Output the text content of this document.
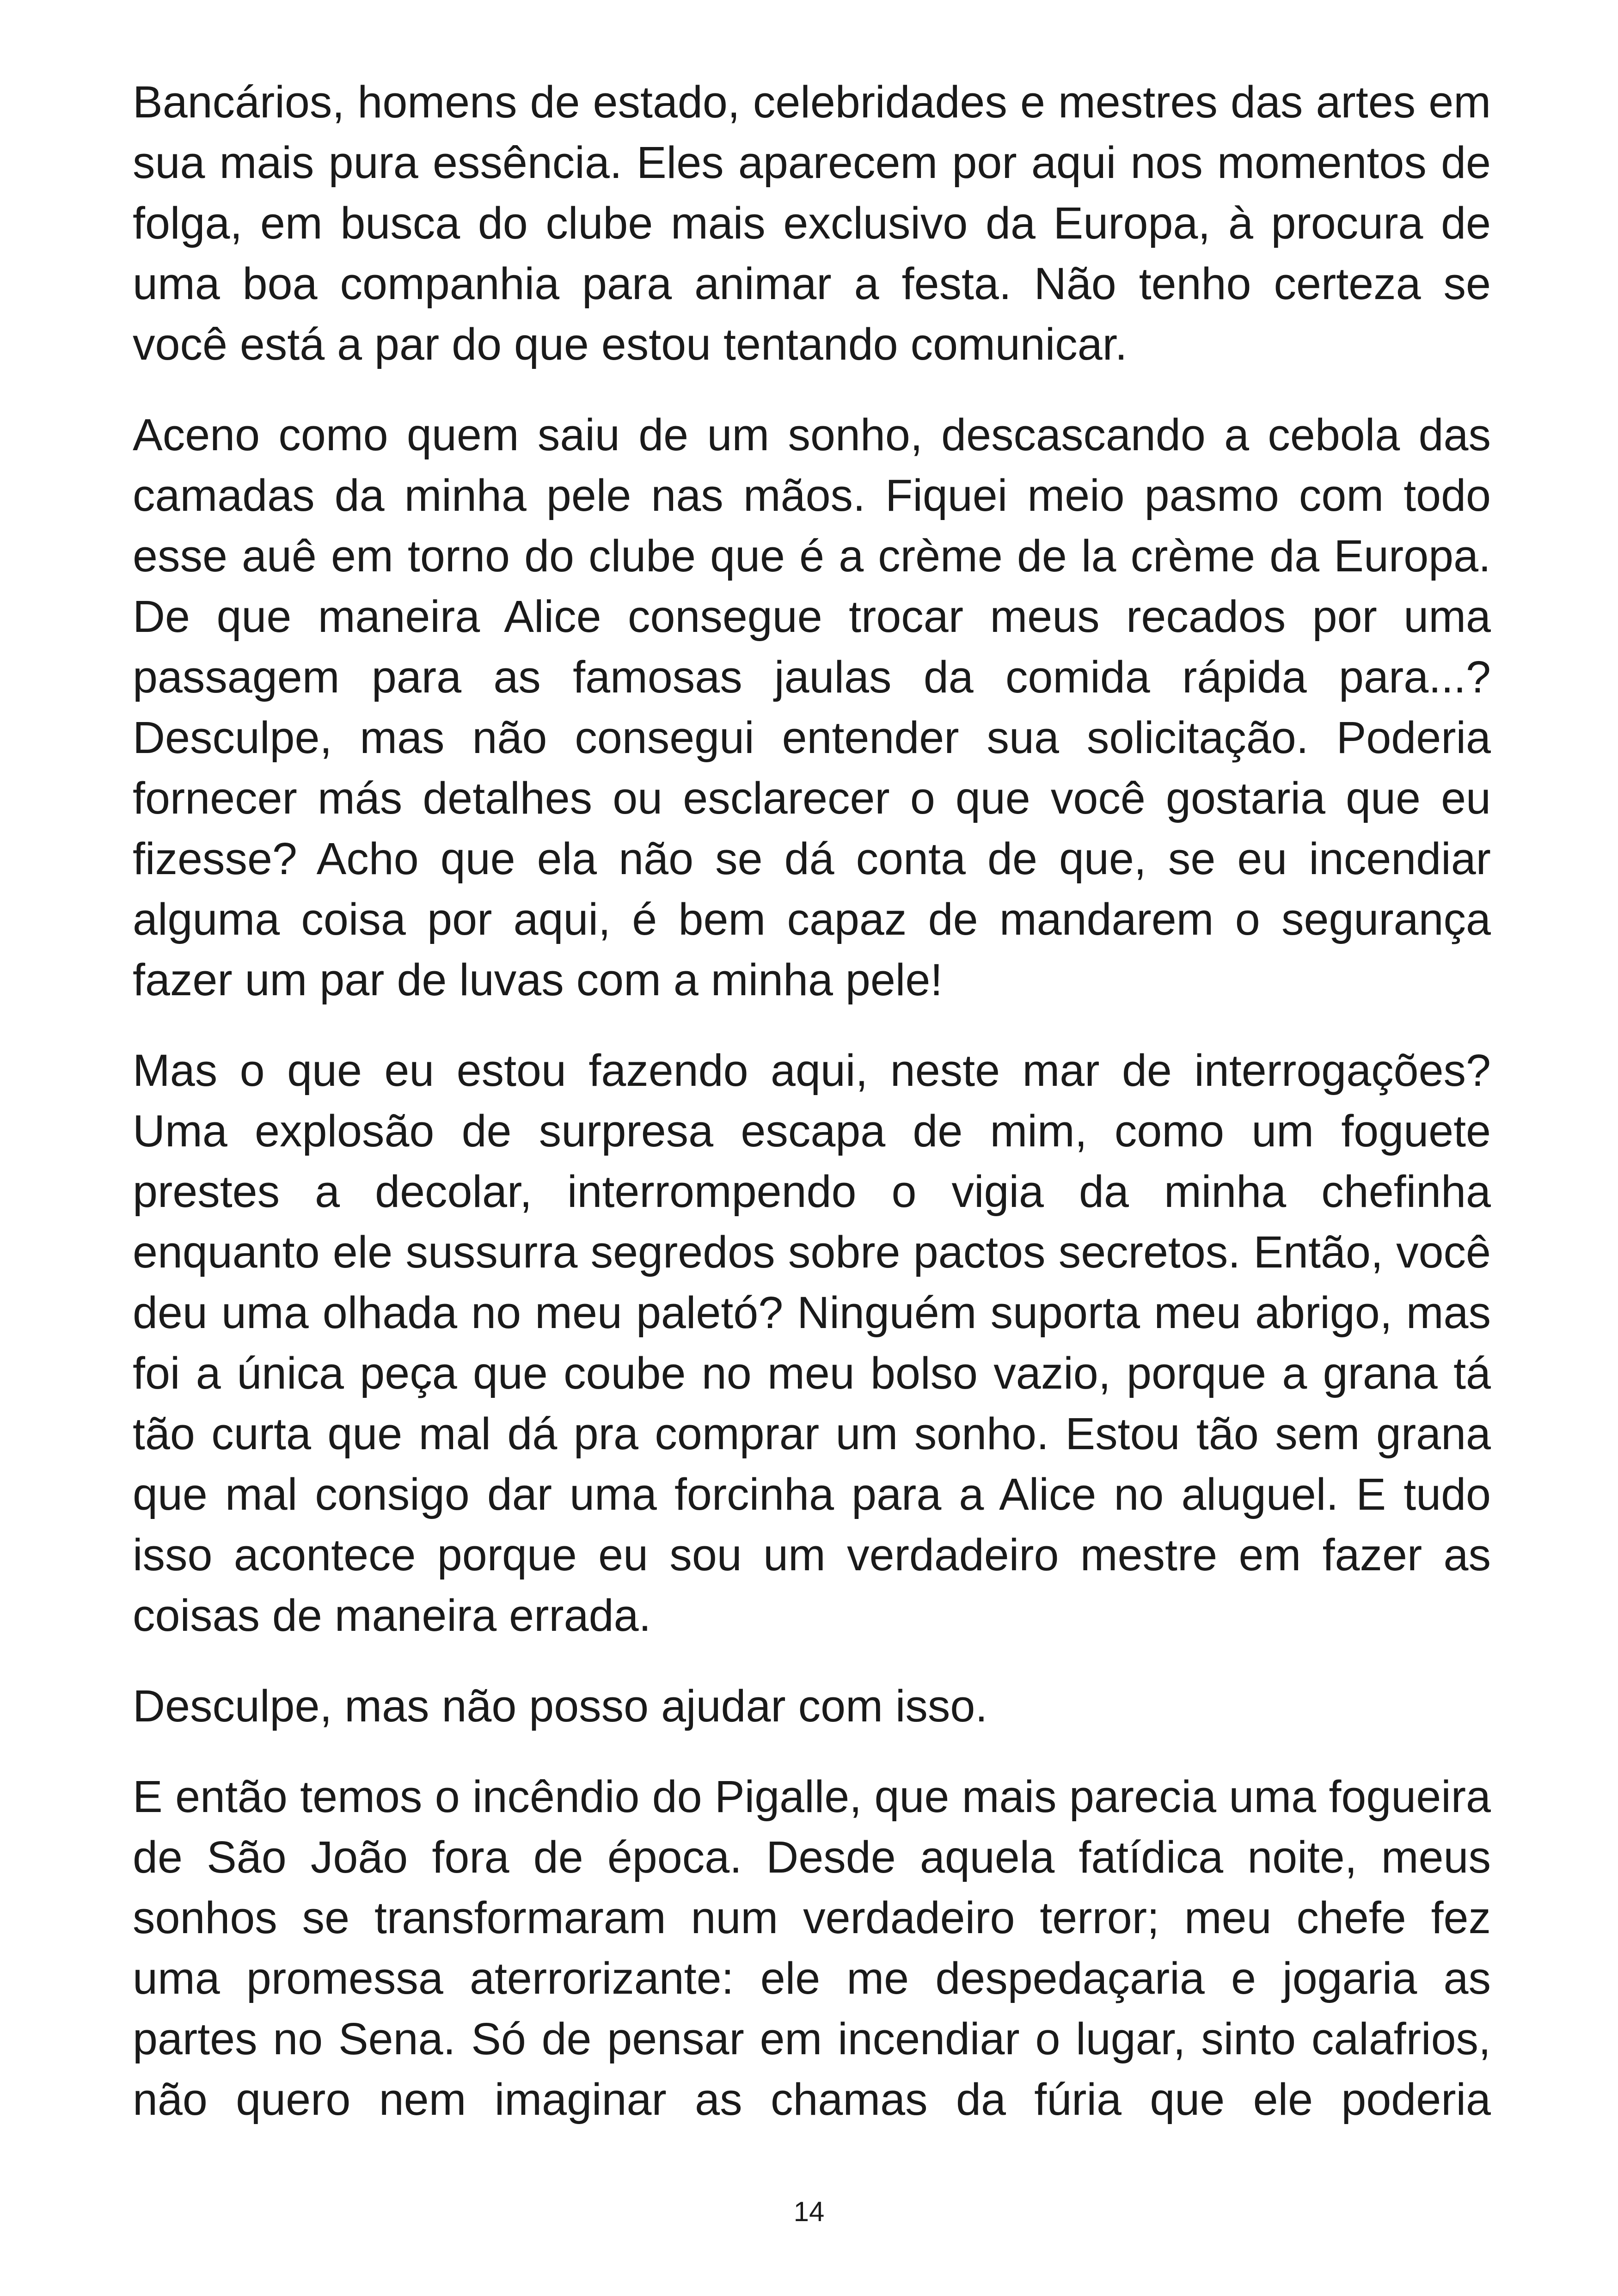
Bancários, homens de estado, celebridades e mestres das artes em sua mais pura essência. Eles aparecem por aqui nos momentos de folga, em busca do clube mais exclusivo da Europa, à procura de uma boa companhia para animar a festa. Não tenho certeza se você está a par do que estou tentando comunicar.

Aceno como quem saiu de um sonho, descascando a cebola das camadas da minha pele nas mãos. Fiquei meio pasmo com todo esse auê em torno do clube que é a crème de la crème da Europa. De que maneira Alice consegue trocar meus recados por uma passagem para as famosas jaulas da comida rápida para...? Desculpe, mas não consegui entender sua solicitação. Poderia fornecer más detalhes ou esclarecer o que você gostaria que eu fizesse? Acho que ela não se dá conta de que, se eu incendiar alguma coisa por aqui, é bem capaz de mandarem o segurança fazer um par de luvas com a minha pele!

Mas o que eu estou fazendo aqui, neste mar de interrogações? Uma explosão de surpresa escapa de mim, como um foguete prestes a decolar, interrompendo o vigia da minha chefinha enquanto ele sussurra segredos sobre pactos secretos. Então, você deu uma olhada no meu paletó? Ninguém suporta meu abrigo, mas foi a única peça que coube no meu bolso vazio, porque a grana tá tão curta que mal dá pra comprar um sonho. Estou tão sem grana que mal consigo dar uma forcinha para a Alice no aluguel. E tudo isso acontece porque eu sou um verdadeiro mestre em fazer as coisas de maneira errada.

Desculpe, mas não posso ajudar com isso.

E então temos o incêndio do Pigalle, que mais parecia uma fogueira de São João fora de época. Desde aquela fatídica noite, meus sonhos se transformaram num verdadeiro terror; meu chefe fez uma promessa aterrorizante: ele me despedaçaria e jogaria as partes no Sena. Só de pensar em incendiar o lugar, sinto calafrios, não quero nem imaginar as chamas da fúria que ele poderia

14
